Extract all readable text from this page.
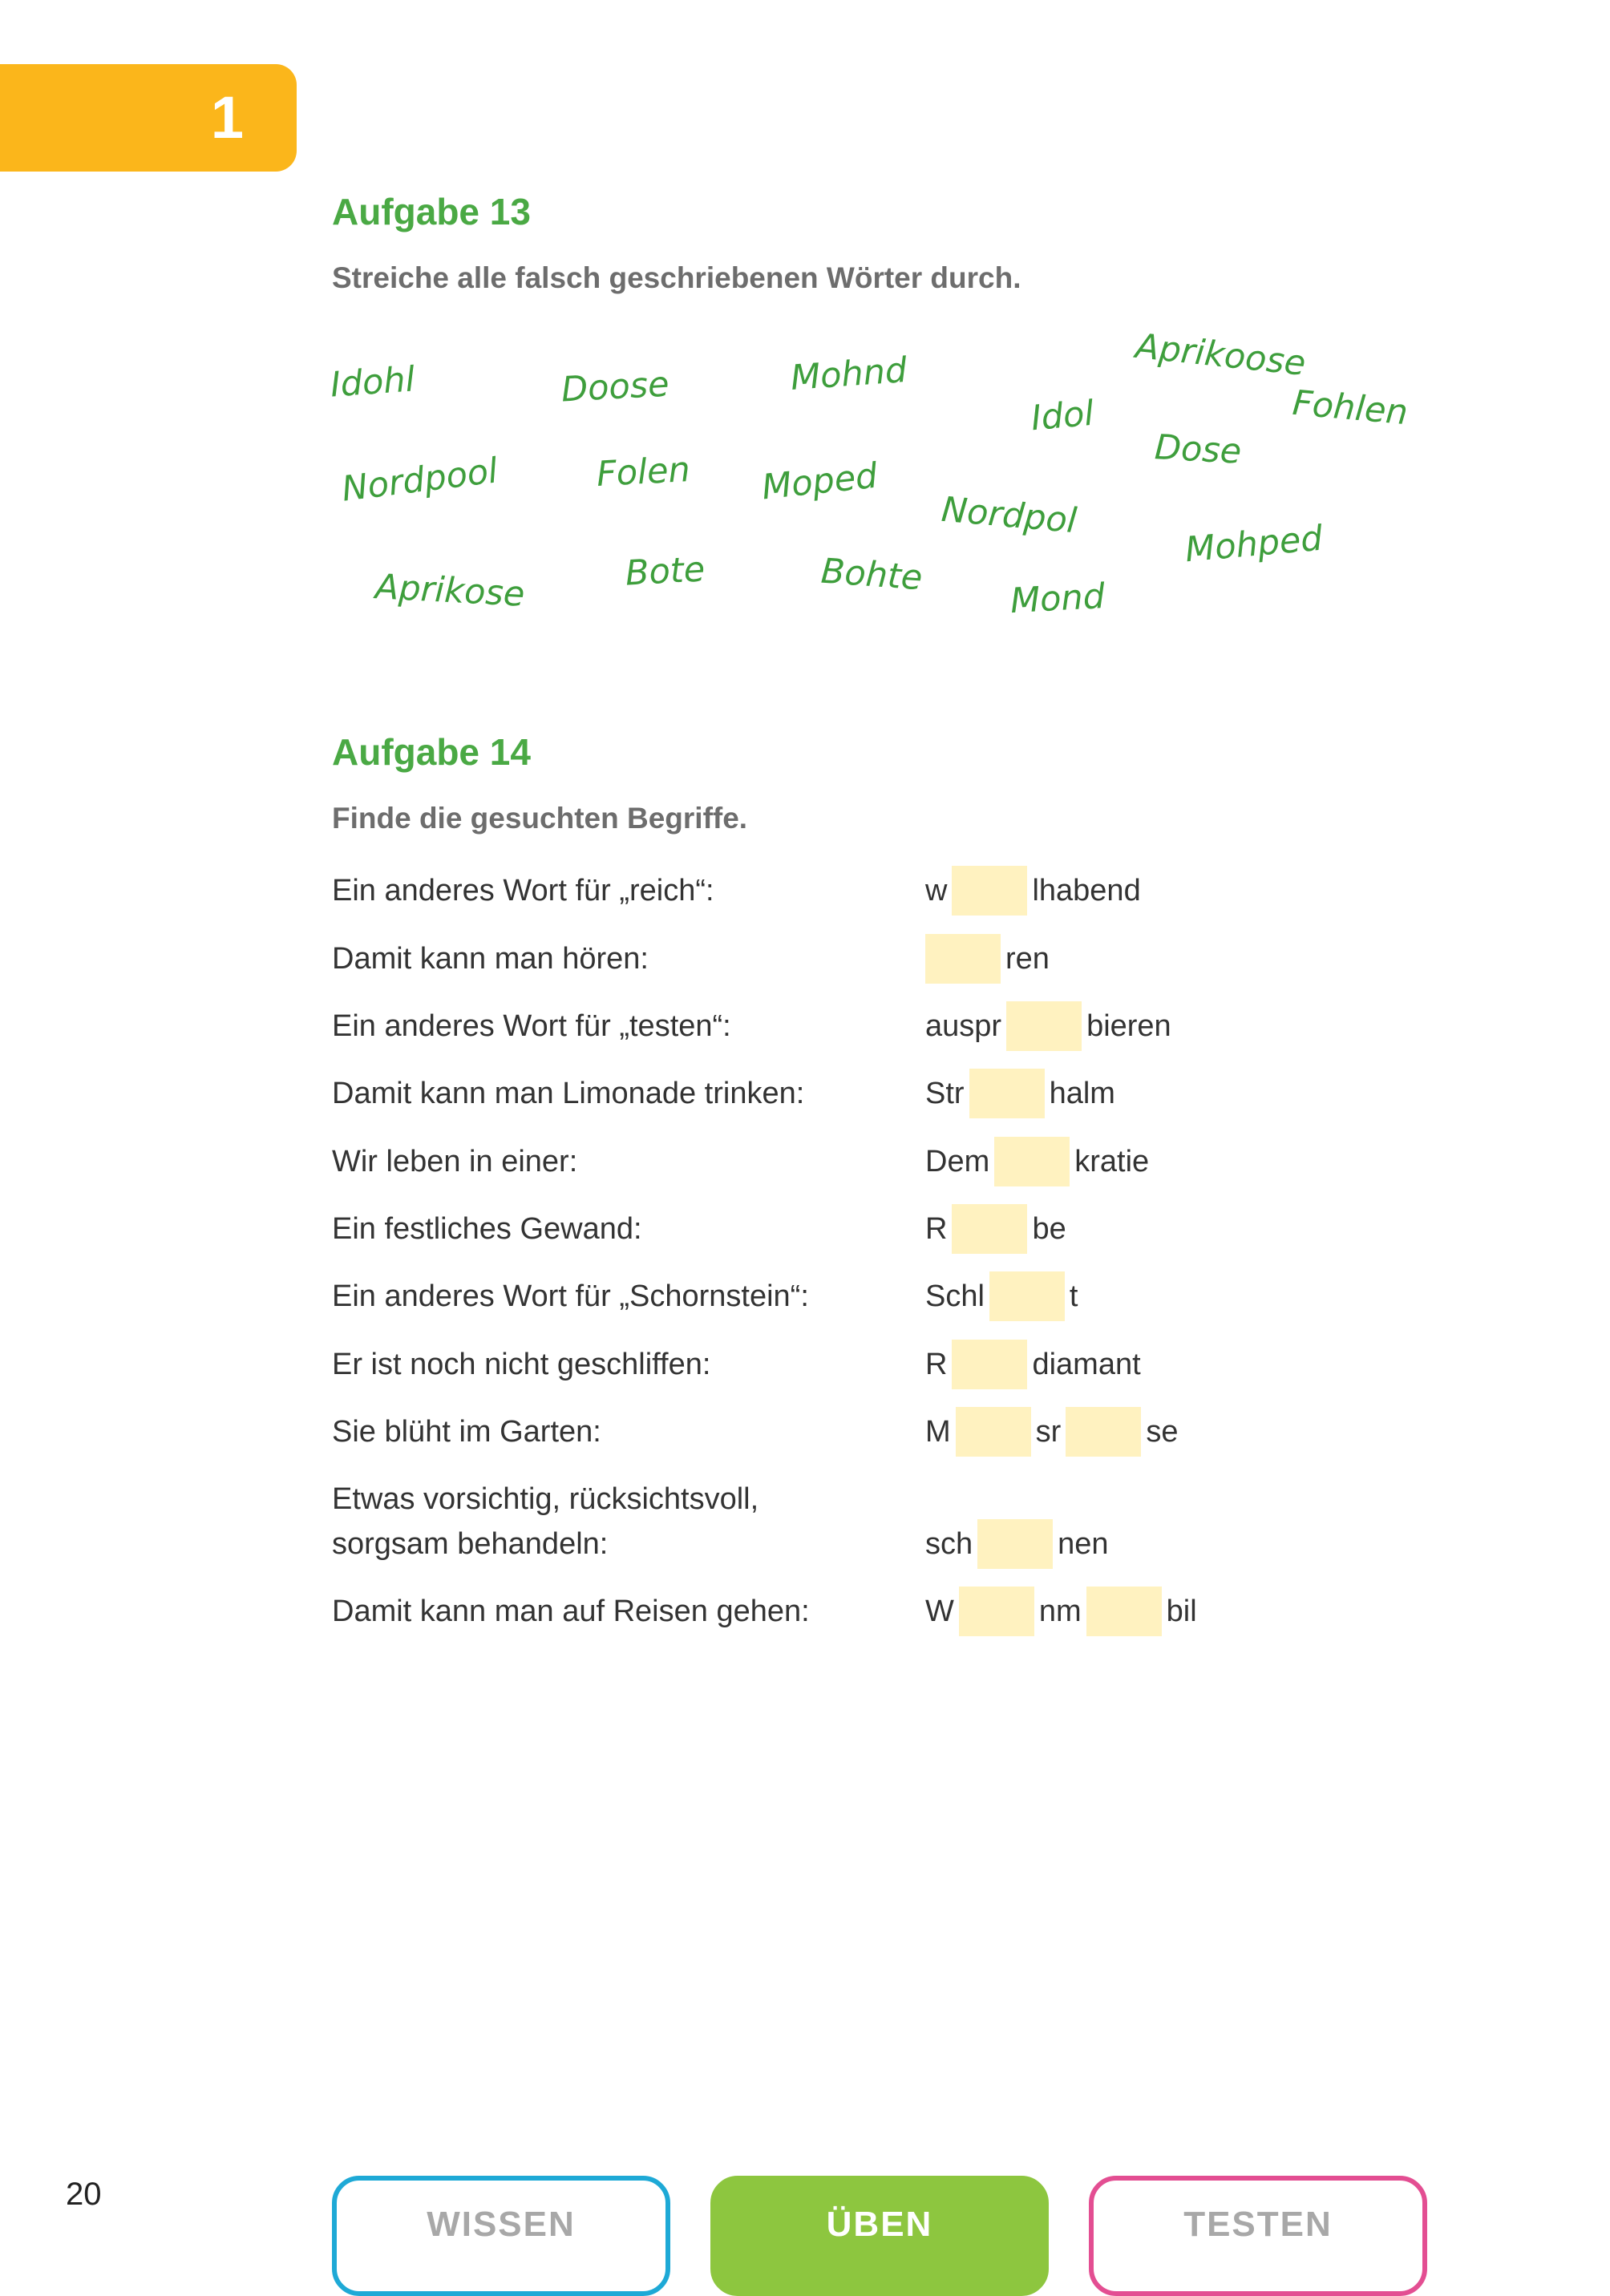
1
Aufgabe 13
Streiche alle falsch geschriebenen Wörter durch.
Idohl	Doose	Mohnd	Aprikoose
Idol	Fohlen
Nordpool	Folen Moped
Dose
Nordpol
Mohped
Aprikose	Bote	Bohte
Mond
Aufgabe 14
Finde die gesuchten Begriffe.
Ein anderes Wort für „reich“:	w	lhabend
Damit kann man hören:	ren
Ein anderes Wort für „testen“:	auspr	bieren
Damit kann man Limonade trinken:	Str	halm
Wir leben in einer:	Dem	kratie
Ein festliches Gewand:	R	be
Ein anderes Wort für „Schornstein“:	Schl	t
Er ist noch nicht geschliffen:	R	diamant
Sie blüht im Garten:	M	sr	se
Etwas vorsichtig, rücksichtsvoll,
sorgsam behandeln:	sch	nen
Damit kann man auf Reisen gehen:	W	nm	bil
20
WISSEN	ÜBEN	TESTEN
